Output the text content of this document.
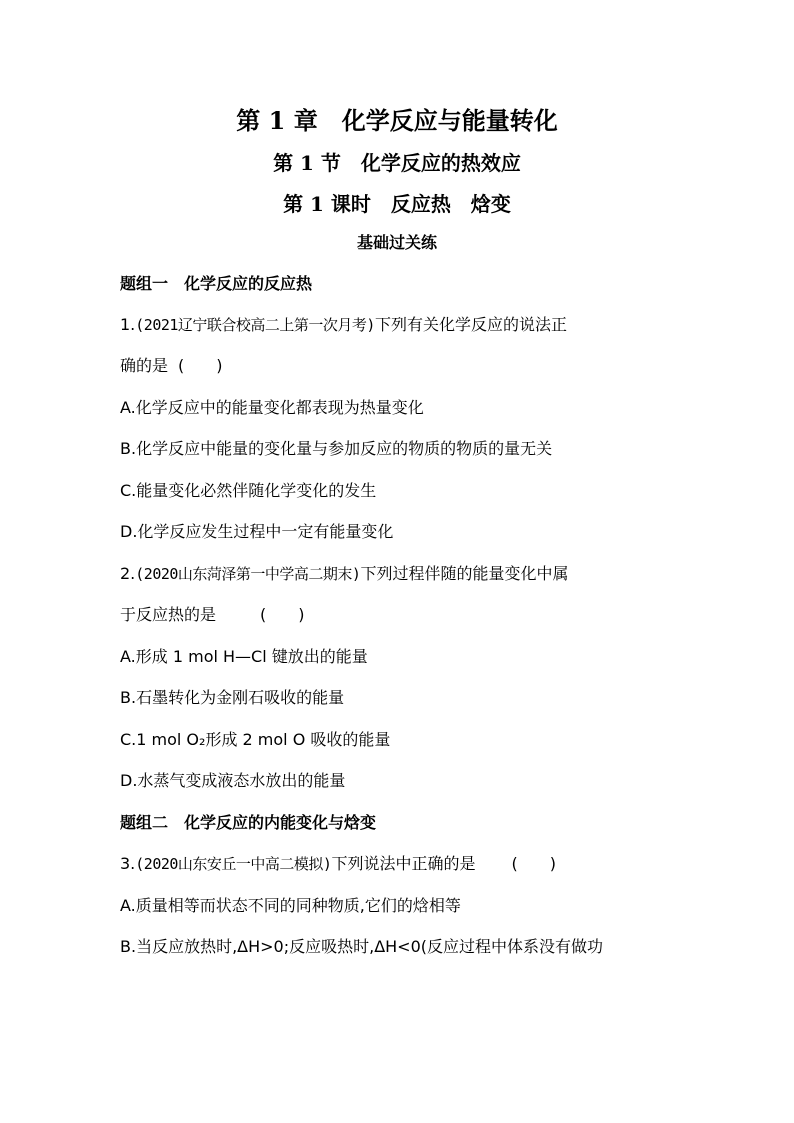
第 1 章　化学反应与能量转化
第 1 节　化学反应的热效应
第 1 课时　反应热　焓变
基础过关练
题组一　化学反应的反应热
1.(2021辽宁联合校高二上第一次月考)下列有关化学反应的说法正
确的是 (　　)
A.化学反应中的能量变化都表现为热量变化
B.化学反应中能量的变化量与参加反应的物质的物质的量无关
C.能量变化必然伴随化学变化的发生
D.化学反应发生过程中一定有能量变化
2.(2020山东菏泽第一中学高二期末)下列过程伴随的能量变化中属
于反应热的是	(　　)
A.形成 1 mol H—Cl 键放出的能量
B.石墨转化为金刚石吸收的能量
C.1 mol O₂形成 2 mol O 吸收的能量
D.水蒸气变成液态水放出的能量
题组二　化学反应的内能变化与焓变
3.(2020山东安丘一中高二模拟)下列说法中正确的是 (　　)
A.质量相等而状态不同的同种物质,它们的焓相等
B.当反应放热时,ΔH>0;反应吸热时,ΔH<0(反应过程中体系没有做功
